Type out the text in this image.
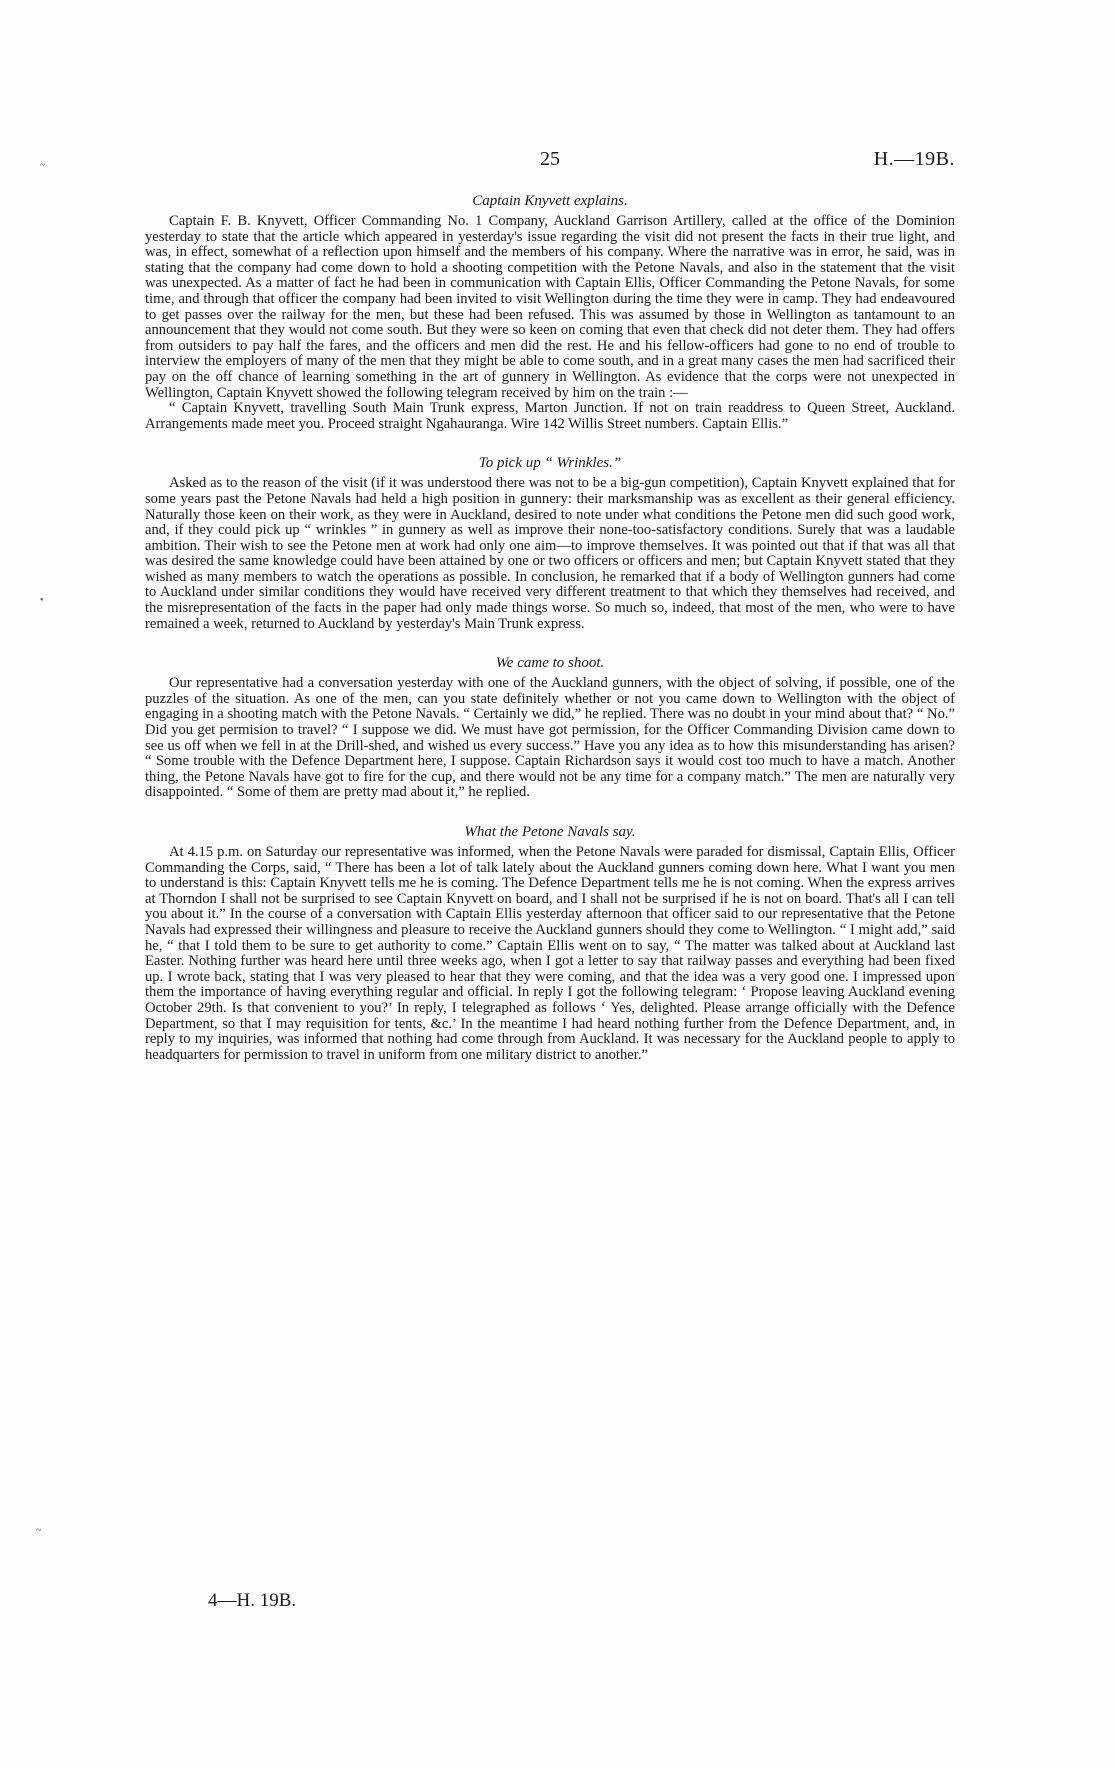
25	H.—19B.
Captain Knyvett explains.

Captain F. B. Knyvett, Officer Commanding No. 1 Company, Auckland Garrison Artillery, called at the office of the Dominion yesterday to state that the article which appeared in yesterday's issue regarding the visit did not present the facts in their true light, and was, in effect, somewhat of a reflection upon himself and the members of his company. Where the narrative was in error, he said, was in stating that the company had come down to hold a shooting competition with the Petone Navals, and also in the statement that the visit was unexpected. As a matter of fact he had been in communication with Captain Ellis, Officer Commanding the Petone Navals, for some time, and through that officer the company had been invited to visit Wellington during the time they were in camp. They had endeavoured to get passes over the railway for the men, but these had been refused. This was assumed by those in Wellington as tantamount to an announcement that they would not come south. But they were so keen on coming that even that check did not deter them. They had offers from outsiders to pay half the fares, and the officers and men did the rest. He and his fellow-officers had gone to no end of trouble to interview the employers of many of the men that they might be able to come south, and in a great many cases the men had sacrificed their pay on the off chance of learning something in the art of gunnery in Wellington. As evidence that the corps were not unexpected in Wellington, Captain Knyvett showed the following telegram received by him on the train :—

“ Captain Knyvett, travelling South Main Trunk express, Marton Junction. If not on train readdress to Queen Street, Auckland. Arrangements made meet you. Proceed straight Ngahauranga. Wire 142 Willis Street numbers. Captain Ellis.”

To pick up “ Wrinkles.”

Asked as to the reason of the visit (if it was understood there was not to be a big-gun competition), Captain Knyvett explained that for some years past the Petone Navals had held a high position in gunnery: their marksmanship was as excellent as their general efficiency. Naturally those keen on their work, as they were in Auckland, desired to note under what conditions the Petone men did such good work, and, if they could pick up “ wrinkles ” in gunnery as well as improve their none-too-satisfactory conditions. Surely that was a laudable ambition. Their wish to see the Petone men at work had only one aim—to improve themselves. It was pointed out that if that was all that was desired the same knowledge could have been attained by one or two officers or officers and men; but Captain Knyvett stated that they wished as many members to watch the operations as possible. In conclusion, he remarked that if a body of Wellington gunners had come to Auckland under similar conditions they would have received very different treatment to that which they themselves had received, and the misrepresentation of the facts in the paper had only made things worse. So much so, indeed, that most of the men, who were to have remained a week, returned to Auckland by yesterday's Main Trunk express.

We came to shoot.

Our representative had a conversation yesterday with one of the Auckland gunners, with the object of solving, if possible, one of the puzzles of the situation. As one of the men, can you state definitely whether or not you came down to Wellington with the object of engaging in a shooting match with the Petone Navals. “ Certainly we did,” he replied. There was no doubt in your mind about that? “ No.” Did you get permision to travel? “ I suppose we did. We must have got permission, for the Officer Commanding Division came down to see us off when we fell in at the Drill-shed, and wished us every success.” Have you any idea as to how this misunderstanding has arisen? “ Some trouble with the Defence Department here, I suppose. Captain Richardson says it would cost too much to have a match. Another thing, the Petone Navals have got to fire for the cup, and there would not be any time for a company match.” The men are naturally very disappointed. “ Some of them are pretty mad about it,” he replied.

What the Petone Navals say.

At 4.15 p.m. on Saturday our representative was informed, when the Petone Navals were paraded for dismissal, Captain Ellis, Officer Commanding the Corps, said, “ There has been a lot of talk lately about the Auckland gunners coming down here. What I want you men to understand is this: Captain Knyvett tells me he is coming. The Defence Department tells me he is not coming. When the express arrives at Thorndon I shall not be surprised to see Captain Knyvett on board, and I shall not be surprised if he is not on board. That's all I can tell you about it.” In the course of a conversation with Captain Ellis yesterday afternoon that officer said to our representative that the Petone Navals had expressed their willingness and pleasure to receive the Auckland gunners should they come to Wellington. “ I might add,” said he, “ that I told them to be sure to get authority to come.” Captain Ellis went on to say, “ The matter was talked about at Auckland last Easter. Nothing further was heard here until three weeks ago, when I got a letter to say that railway passes and everything had been fixed up. I wrote back, stating that I was very pleased to hear that they were coming, and that the idea was a very good one. I impressed upon them the importance of having everything regular and official. In reply I got the following telegram: ‘ Propose leaving Auckland evening October 29th. Is that convenient to you?’ In reply, I telegraphed as follows ‘ Yes, delighted. Please arrange officially with the Defence Department, so that I may requisition for tents, &c.’ In the meantime I had heard nothing further from the Defence Department, and, in reply to my inquiries, was informed that nothing had come through from Auckland. It was necessary for the Auckland people to apply to headquarters for permission to travel in uniform from one military district to another.”

4—H. 19B.
~
•
~
